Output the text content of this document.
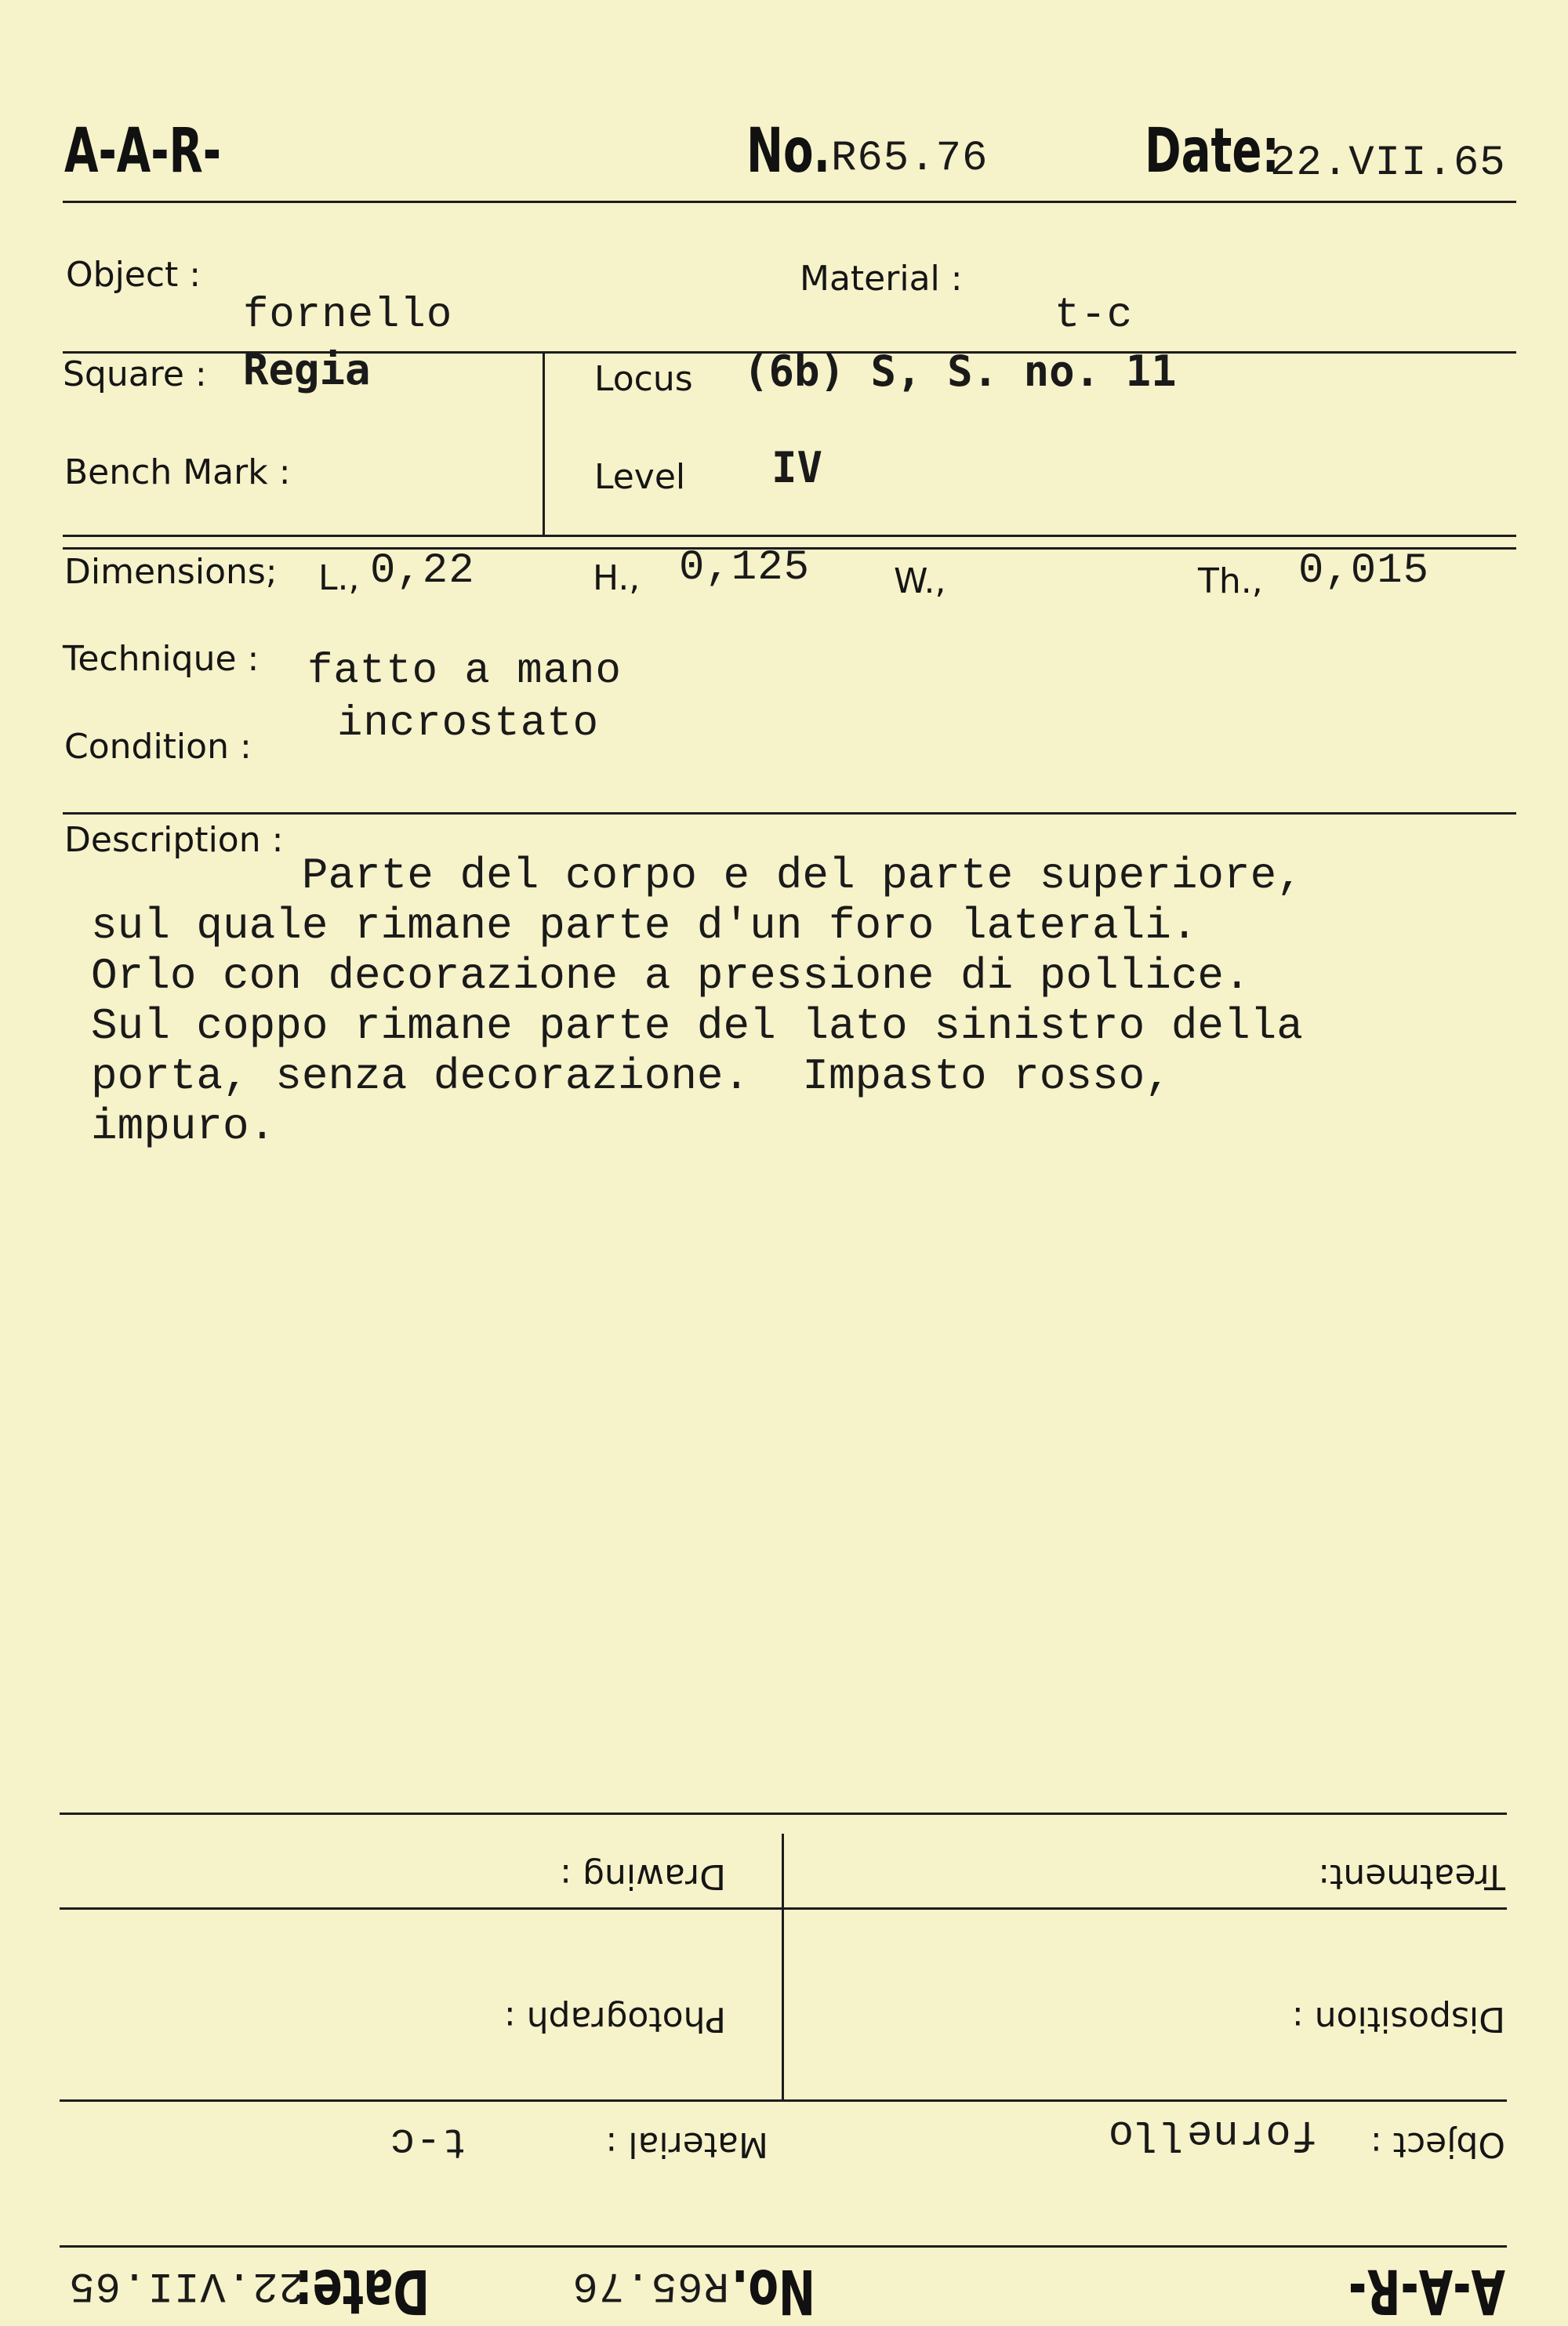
A-A-R-	No. R65.76	Date:
22.VII.65
Object :
fornello
Material :
t-c
Square : Regia	Locus (6b) S, S. no. 11
Bench Mark :	Level IV
Dimensions; L., 0,22	H., 0,125 W.,	Th., 0,015
Technique : fatto a mano
Condition : incrostato
Description :
Parte del corpo e del parte superiore,
sul quale rimane parte d'un foro laterali.
Orlo con decorazione a pressione di pollice.
Sul coppo rimane parte del lato sinistro della
porta, senza decorazione.  Impasto rosso,
impuro.
Treatment:
Drawing :
Disposition :
Photograph :
Object :
fornello
Material :
t-c
A-A-R-
No.
R65.76
Date:
22.VII.65
